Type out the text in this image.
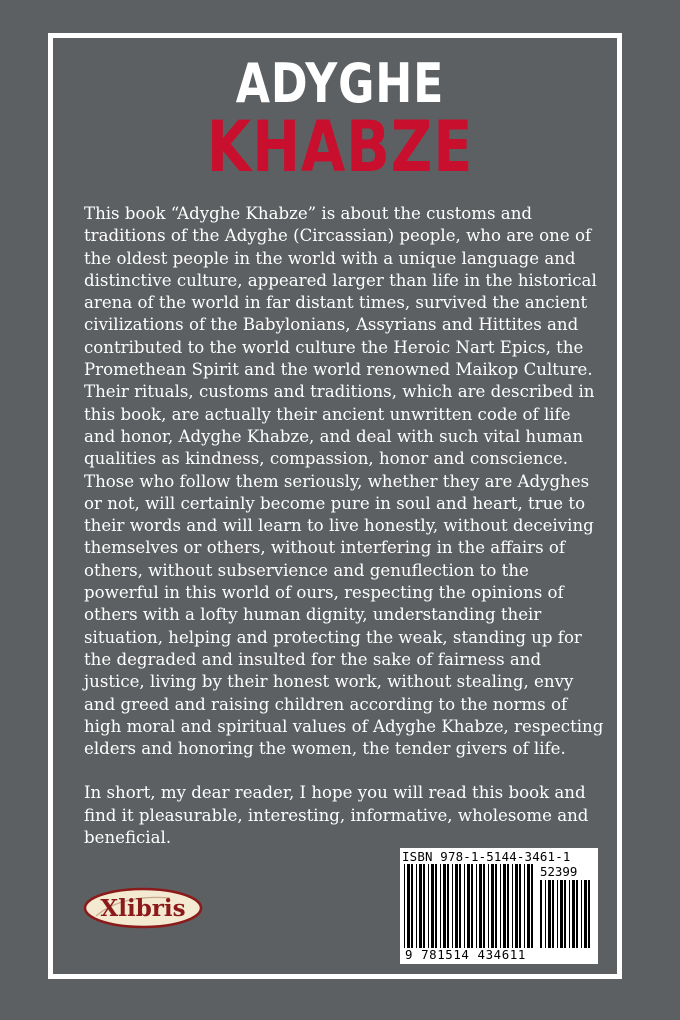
ADYGHE
KHABZE

This book “Adyghe Khabze” is about the customs and traditions of the Adyghe (Circassian) people, who are one of the oldest people in the world with a unique language and distinctive culture, appeared larger than life in the historical arena of the world in far distant times, survived the ancient civilizations of the Babylonians, Assyrians and Hittites and contributed to the world culture the Heroic Nart Epics, the Promethean Spirit and the world renowned Maikop Culture. Their rituals, customs and traditions, which are described in this book, are actually their ancient unwritten code of life and honor, Adyghe Khabze, and deal with such vital human qualities as kindness, compassion, honor and conscience. Those who follow them seriously, whether they are Adyghes or not, will certainly become pure in soul and heart, true to their words and will learn to live honestly, without deceiving themselves or others, without interfering in the affairs of others, without subservience and genuflection to the powerful in this world of ours, respecting the opinions of others with a lofty human dignity, understanding their situation, helping and protecting the weak, standing up for the degraded and insulted for the sake of fairness and justice, living by their honest work, without stealing, envy and greed and raising children according to the norms of high moral and spiritual values of Adyghe Khabze, respecting elders and honoring the women, the tender givers of life.

In short, my dear reader, I hope you will read this book and find it pleasurable, interesting, informative, wholesome and beneficial.

Xlibris
ISBN 978-1-5144-3461-1
52399
9 781514 434611
